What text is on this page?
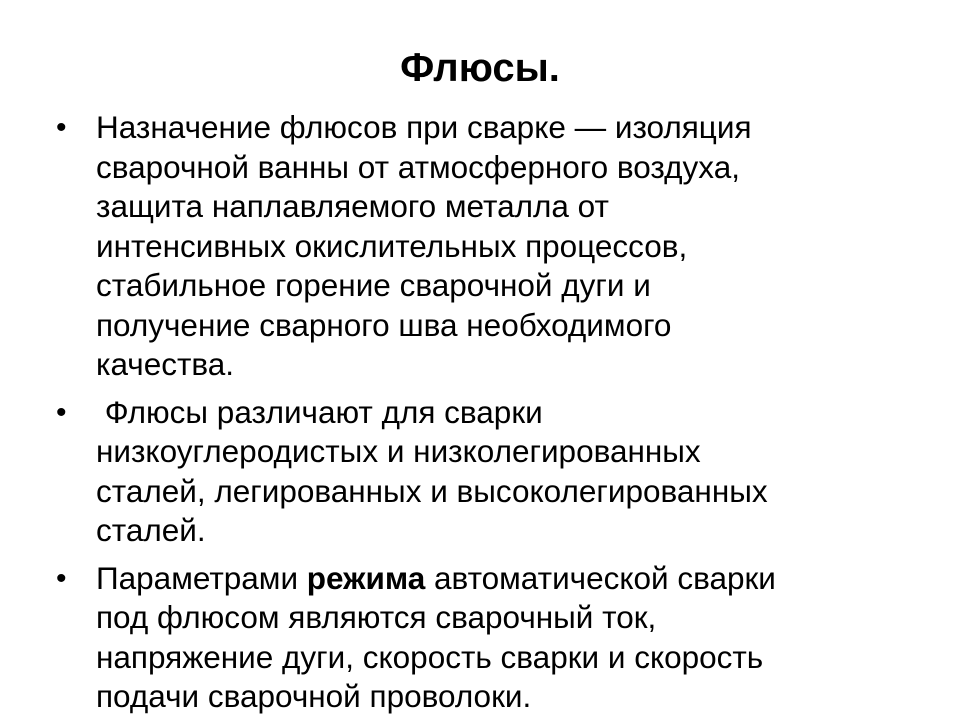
Флюсы.
• Назначение флюсов при сварке — изоляция
сварочной ванны от атмосферного воздуха,
защита наплавляемого металла от
интенсивных окислительных процессов,
стабильное горение сварочной дуги и
получение сварного шва необходимого
качества.
• Флюсы различают для сварки
низкоуглеродистых и низколегированных
сталей, легированных и высоколегированных
сталей.
• Параметрами режима автоматической сварки
под флюсом являются сварочный ток,
напряжение дуги, скорость сварки и скорость
подачи сварочной проволоки.
